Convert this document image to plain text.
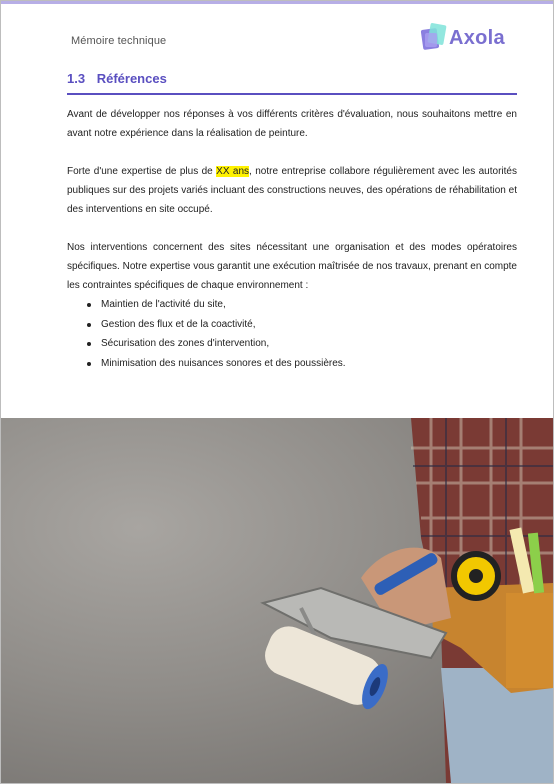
Mémoire technique	Axola
1.3 Références

Avant de développer nos réponses à vos différents critères d'évaluation, nous souhaitons mettre en avant notre expérience dans la réalisation de peinture.

Forte d'une expertise de plus de XX ans, notre entreprise collabore régulièrement avec les autorités publiques sur des projets variés incluant des constructions neuves, des opérations de réhabilitation et des interventions en site occupé.

Nos interventions concernent des sites nécessitant une organisation et des modes opératoires spécifiques. Notre expertise vous garantit une exécution maîtrisée de nos travaux, prenant en compte les contraintes spécifiques de chaque environnement :

Maintien de l'activité du site,
Gestion des flux et de la coactivité,
Sécurisation des zones d'intervention,
Minimisation des nuisances sonores et des poussières.
